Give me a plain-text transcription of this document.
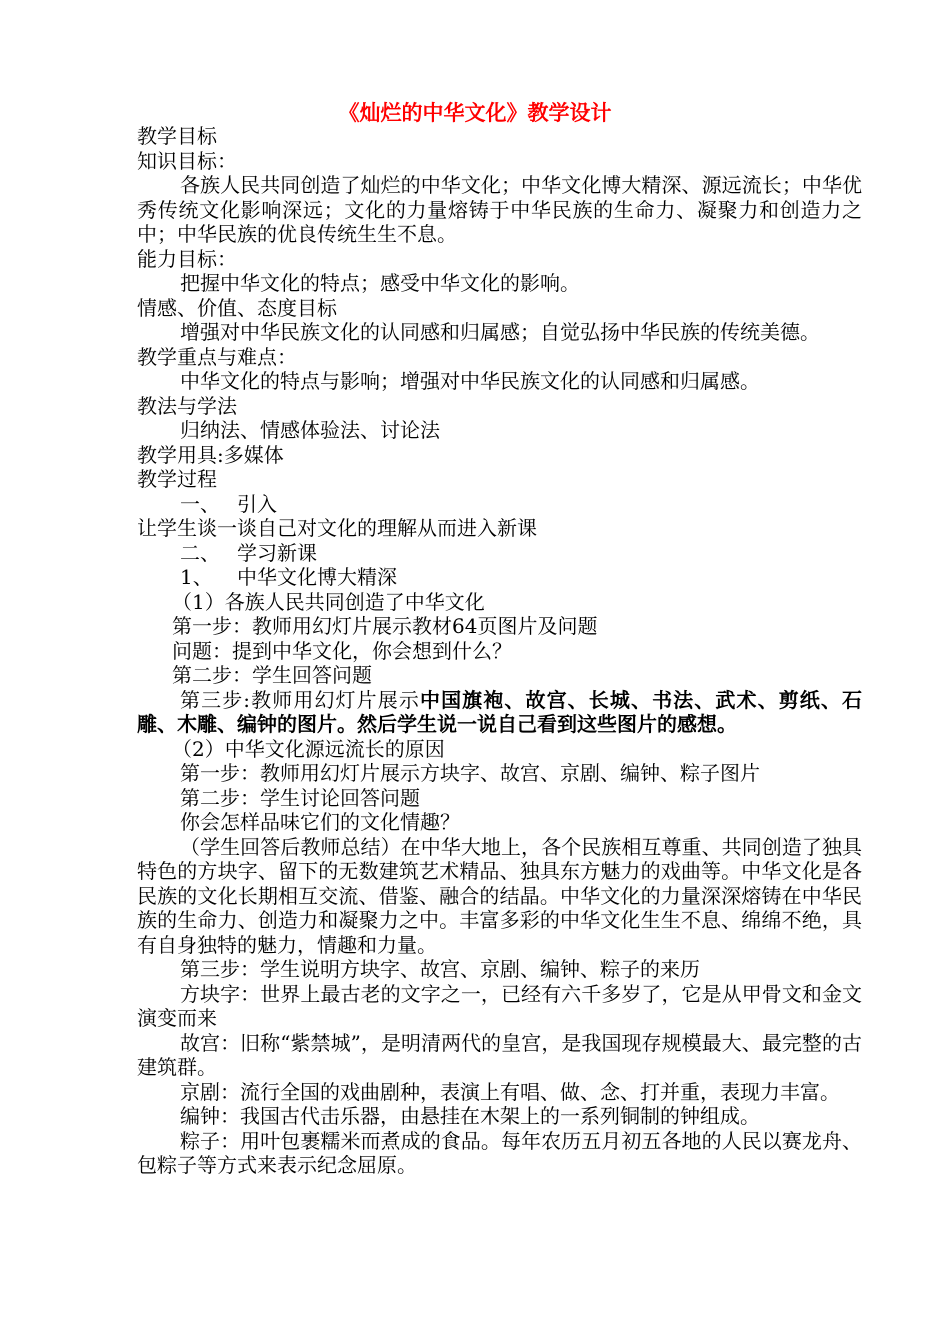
《灿烂的中华文化》教学设计

教学目标

知识目标：

各族人民共同创造了灿烂的中华文化；中华文化博大精深、源远流长；中华优秀传统文化影响深远；文化的力量熔铸于中华民族的生命力、凝聚力和创造力之中；中华民族的优良传统生生不息。

能力目标：

把握中华文化的特点；感受中华文化的影响。

情感、价值、态度目标

增强对中华民族文化的认同感和归属感；自觉弘扬中华民族的传统美德。

教学重点与难点：

中华文化的特点与影响；增强对中华民族文化的认同感和归属感。

教法与学法

归纳法、情感体验法、讨论法

教学用具:多媒体

教学过程

一、 引入

让学生谈一谈自己对文化的理解从而进入新课

二、 学习新课

1、 中华文化博大精深

（1）各族人民共同创造了中华文化

第一步：教师用幻灯片展示教材64页图片及问题

问题：提到中华文化，你会想到什么？

第二步：学生回答问题

第三步:教师用幻灯片展示中国旗袍、故宫、长城、书法、武术、剪纸、石雕、木雕、编钟的图片。然后学生说一说自己看到这些图片的感想。

（2）中华文化源远流长的原因

第一步：教师用幻灯片展示方块字、故宫、京剧、编钟、粽子图片

第二步：学生讨论回答问题

你会怎样品味它们的文化情趣？

（学生回答后教师总结）在中华大地上，各个民族相互尊重、共同创造了独具特色的方块字、留下的无数建筑艺术精品、独具东方魅力的戏曲等。中华文化是各民族的文化长期相互交流、借鉴、融合的结晶。中华文化的力量深深熔铸在中华民族的生命力、创造力和凝聚力之中。丰富多彩的中华文化生生不息、绵绵不绝，具有自身独特的魅力，情趣和力量。

第三步：学生说明方块字、故宫、京剧、编钟、粽子的来历

方块字：世界上最古老的文字之一，已经有六千多岁了，它是从甲骨文和金文演变而来

故宫：旧称“紫禁城”，是明清两代的皇宫，是我国现存规模最大、最完整的古建筑群。

京剧：流行全国的戏曲剧种，表演上有唱、做、念、打并重，表现力丰富。

编钟：我国古代击乐器，由悬挂在木架上的一系列铜制的钟组成。

粽子：用叶包裹糯米而煮成的食品。每年农历五月初五各地的人民以赛龙舟、包粽子等方式来表示纪念屈原。
